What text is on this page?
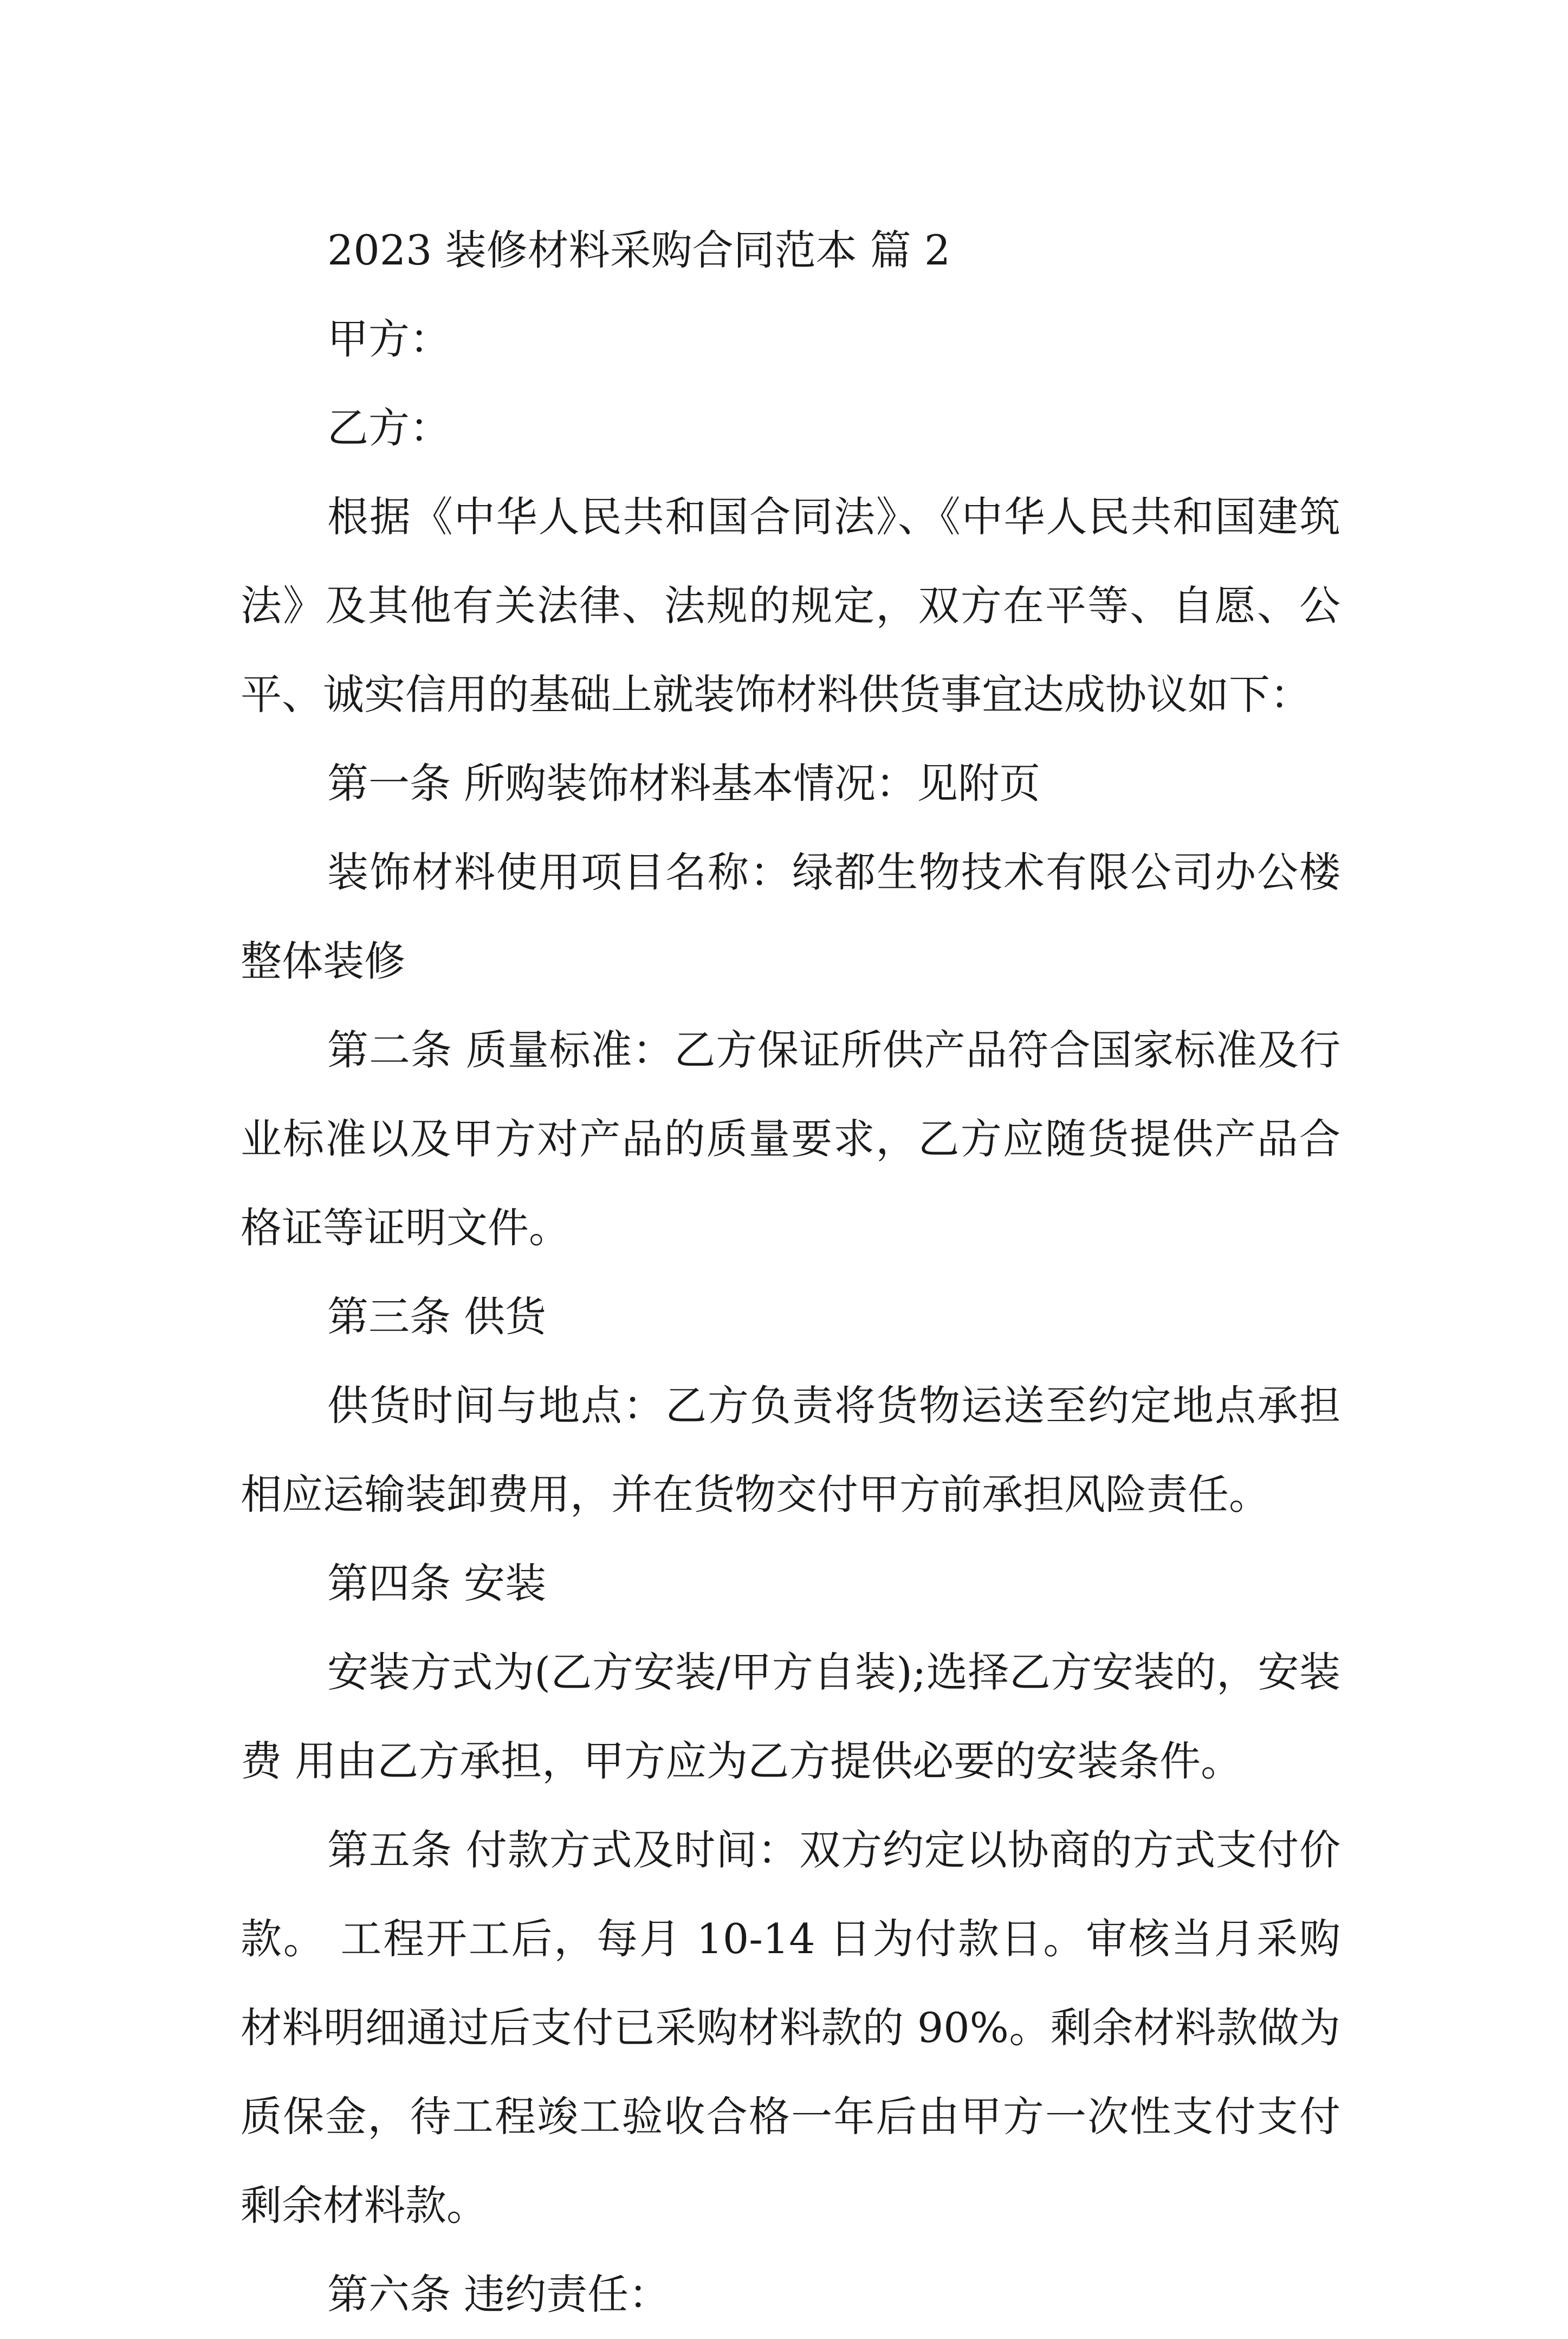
2023 装修材料采购合同范本 篇 2

甲方：

乙方：

根据《中华人民共和国合同法》、《中华人民共和国建筑法》及其他有关法律、法规的规定，双方在平等、自愿、公平、诚实信用的基础上就装饰材料供货事宜达成协议如下：

第一条 所购装饰材料基本情况：见附页

装饰材料使用项目名称：绿都生物技术有限公司办公楼整体装修

第二条 质量标准：乙方保证所供产品符合国家标准及行业标准以及甲方对产品的质量要求，乙方应随货提供产品合格证等证明文件。

第三条 供货

供货时间与地点：乙方负责将货物运送至约定地点承担相应运输装卸费用，并在货物交付甲方前承担风险责任。

第四条 安装

安装方式为(乙方安装/甲方自装);选择乙方安装的，安装费 用由乙方承担，甲方应为乙方提供必要的安装条件。

第五条 付款方式及时间：双方约定以协商的方式支付价款。 工程开工后，每月 10-14 日为付款日。审核当月采购材料明细通过后支付已采购材料款的 90%。剩余材料款做为质保金，待工程竣工验收合格一年后由甲方一次性支付支付剩余材料款。

第六条 违约责任：
